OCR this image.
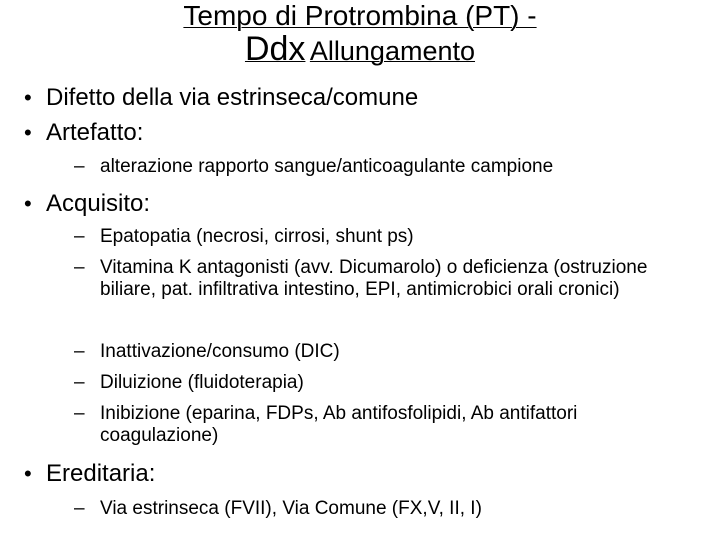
Tempo di Protrombina (PT) -
Ddx Allungamento
• Difetto della via estrinseca/comune
• Artefatto:
– alterazione rapporto sangue/anticoagulante campione
• Acquisito:
– Epatopatia (necrosi, cirrosi, shunt ps)
– Vitamina K antagonisti (avv. Dicumarolo) o deficienza (ostruzione biliare, pat. infiltrativa intestino, EPI, antimicrobici orali cronici)
– Inattivazione/consumo (DIC)
– Diluizione (fluidoterapia)
– Inibizione (eparina, FDPs, Ab antifosfolipidi, Ab antifattori coagulazione)
• Ereditaria:
– Via estrinseca (FVII), Via Comune (FX,V, II, I)
